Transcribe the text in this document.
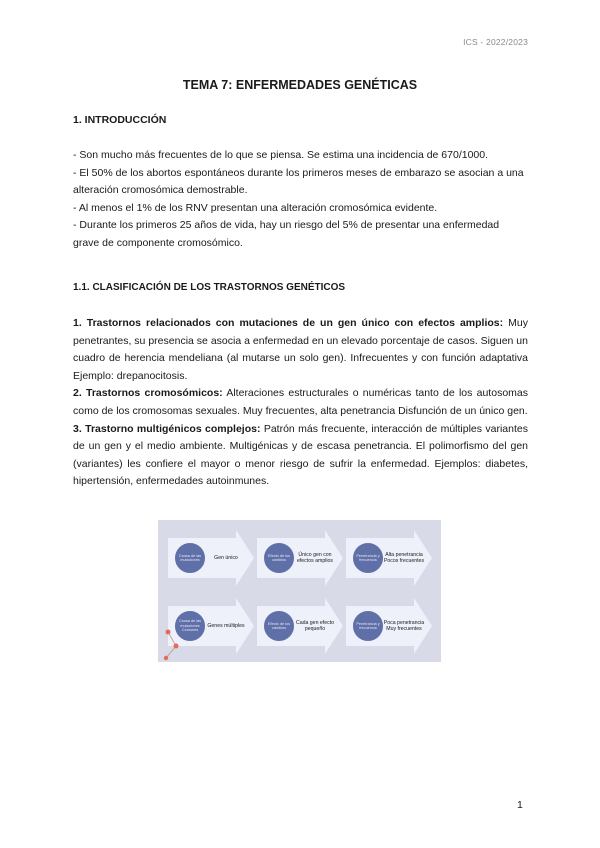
ICS - 2022/2023
TEMA 7: ENFERMEDADES GENÉTICAS
1. INTRODUCCIÓN

- Son mucho más frecuentes de lo que se piensa. Se estima una incidencia de 670/1000.

- El 50% de los abortos espontáneos durante los primeros meses de embarazo se asocian a una alteración cromosómica demostrable.

- Al menos el 1% de los RNV presentan una alteración cromosómica evidente.

- Durante los primeros 25 años de vida, hay un riesgo del 5% de presentar una enfermedad grave de componente cromosómico.

1.1. CLASIFICACIÓN DE LOS TRASTORNOS GENÉTICOS

1. Trastornos relacionados con mutaciones de un gen único con efectos amplios: Muy penetrantes, su presencia se asocia a enfermedad en un elevado porcentaje de casos. Siguen un cuadro de herencia mendeliana (al mutarse un solo gen). Infrecuentes y con función adaptativa Ejemplo: drepanocitosis.

2. Trastornos cromosómicos: Alteraciones estructurales o numéricas tanto de los autosomas como de los cromosomas sexuales. Muy frecuentes, alta penetrancia Disfunción de un único gen.

3. Trastorno multigénicos complejos: Patrón más frecuente, interacción de múltiples variantes de un gen y el medio ambiente. Multigénicas y de escasa penetrancia. El polimorfismo del gen (variantes) les confiere el mayor o menor riesgo de sufrir la enfermedad. Ejemplos: diabetes, hipertensión, enfermedades autoinmunes.

Causa de las mutaciones	Gen único	Efecto de los cambios
Único gen con efectos amplios
Penetrancia y frecuencia
Alta penetrancia Pocos frecuentes
Causa de las mutaciones Comunes
Genes múltiples	Efecto de los cambios
Cada gen efecto pequeño
Penetrancia y frecuencia
Poca penetrancia Muy frecuentes
1
